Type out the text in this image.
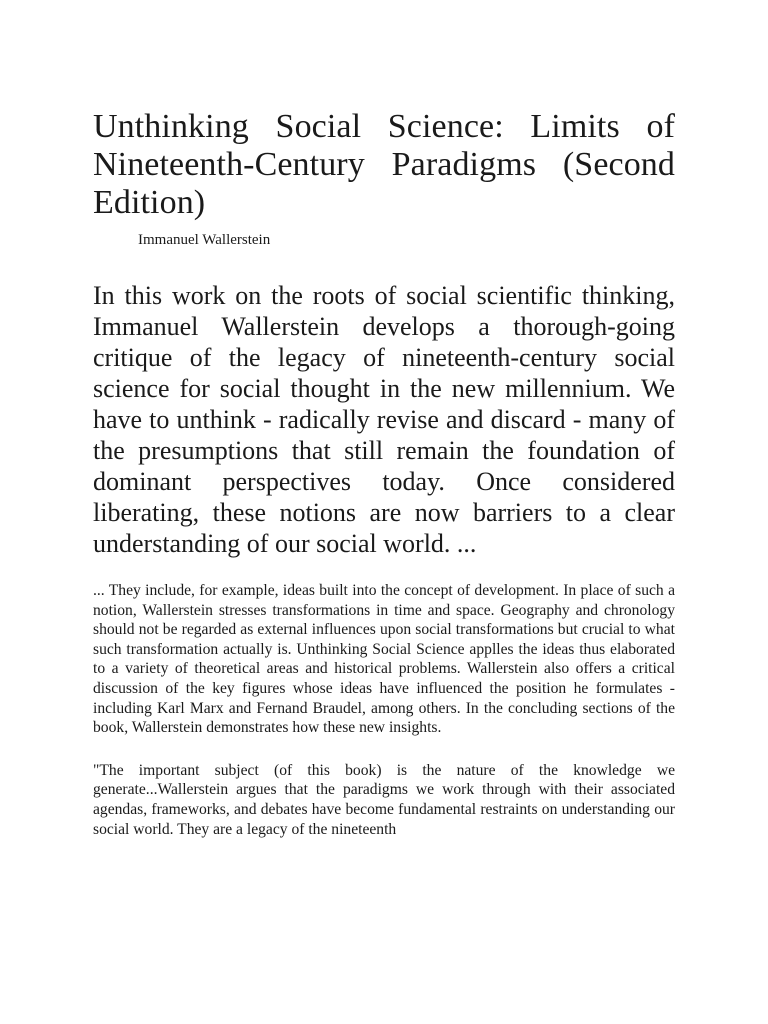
Unthinking Social Science: Limits of Nineteenth-Century Paradigms (Second Edition)
Immanuel Wallerstein

In this work on the roots of social scientific thinking, Immanuel Wallerstein develops a thorough-going critique of the legacy of nineteenth-century social science for social thought in the new millennium. We have to unthink - radically revise and discard - many of the presumptions that still remain the foundation of dominant perspectives today. Once considered liberating, these notions are now barriers to a clear understanding of our social world. ...

... They include, for example, ideas built into the concept of development. In place of such a notion, Wallerstein stresses transformations in time and space. Geography and chronology should not be regarded as external influences upon social transformations but crucial to what such transformation actually is. Unthinking Social Science applles the ideas thus elaborated to a variety of theoretical areas and historical problems. Wallerstein also offers a critical discussion of the key figures whose ideas have influenced the position he formulates - including Karl Marx and Fernand Braudel, among others. In the concluding sections of the book, Wallerstein demonstrates how these new insights.

"The important subject (of this book) is the nature of the knowledge we generate...Wallerstein argues that the paradigms we work through with their associated agendas, frameworks, and debates have become fundamental restraints on understanding our social world. They are a legacy of the nineteenth
